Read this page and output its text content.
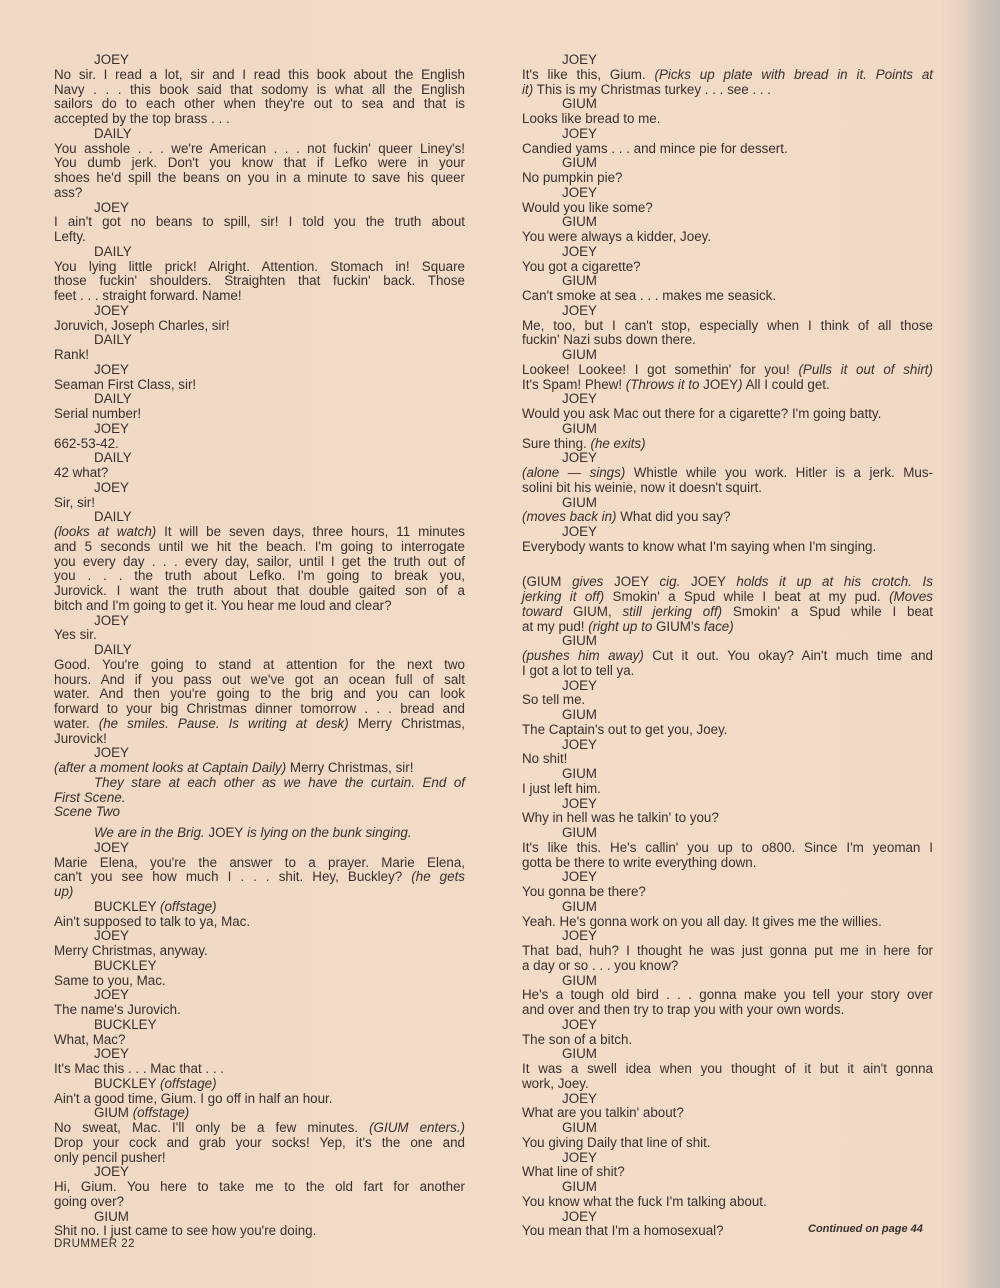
JOEY
No sir. I read a lot, sir and I read this book about the English
Navy . . . this book said that sodomy is what all the English
sailors do to each other when they're out to sea and that is
accepted by the top brass . . .
DAILY
You asshole . . . we're American . . . not fuckin' queer Liney's!
You dumb jerk. Don't you know that if Lefko were in your
shoes he'd spill the beans on you in a minute to save his queer
ass?
JOEY
I ain't got no beans to spill, sir! I told you the truth about
Lefty.
DAILY
You lying little prick! Alright. Attention. Stomach in! Square
those fuckin' shoulders. Straighten that fuckin' back. Those
feet . . . straight forward. Name!
JOEY
Joruvich, Joseph Charles, sir!
DAILY
Rank!
JOEY
Seaman First Class, sir!
DAILY
Serial number!
JOEY
662-53-42.
DAILY
42 what?
JOEY
Sir, sir!
DAILY
(looks at watch) It will be seven days, three hours, 11 minutes
and 5 seconds until we hit the beach. I'm going to interrogate
you every day . . . every day, sailor, until I get the truth out of
you . . . the truth about Lefko. I'm going to break you,
Jurovick. I want the truth about that double gaited son of a
bitch and I'm going to get it. You hear me loud and clear?
JOEY
Yes sir.
DAILY
Good. You're going to stand at attention for the next two
hours. And if you pass out we've got an ocean full of salt
water. And then you're going to the brig and you can look
forward to your big Christmas dinner tomorrow . . . bread and
water. (he smiles. Pause. Is writing at desk) Merry Christmas,
Jurovick!
JOEY
(after a moment looks at Captain Daily) Merry Christmas, sir!
They stare at each other as we have the curtain. End of
First Scene.
Scene Two
We are in the Brig. JOEY is lying on the bunk singing.
JOEY
Marie Elena, you're the answer to a prayer. Marie Elena,
can't you see how much I . . . shit. Hey, Buckley? (he gets
up)
BUCKLEY (offstage)
Ain't supposed to talk to ya, Mac.
JOEY
Merry Christmas, anyway.
BUCKLEY
Same to you, Mac.
JOEY
The name's Jurovich.
BUCKLEY
What, Mac?
JOEY
It's Mac this . . . Mac that . . .
BUCKLEY (offstage)
Ain't a good time, Gium. I go off in half an hour.
GIUM (offstage)
No sweat, Mac. I'll only be a few minutes. (GIUM enters.)
Drop your cock and grab your socks! Yep, it's the one and
only pencil pusher!
JOEY
Hi, Gium. You here to take me to the old fart for another
going over?
GIUM
Shit no. I just came to see how you're doing.
JOEY
It's like this, Gium. (Picks up plate with bread in it. Points at
it) This is my Christmas turkey . . . see . . .
GIUM
Looks like bread to me.
JOEY
Candied yams . . . and mince pie for dessert.
GIUM
No pumpkin pie?
JOEY
Would you like some?
GIUM
You were always a kidder, Joey.
JOEY
You got a cigarette?
GIUM
Can't smoke at sea . . . makes me seasick.
JOEY
Me, too, but I can't stop, especially when I think of all those
fuckin' Nazi subs down there.
GIUM
Lookee! Lookee! I got somethin' for you! (Pulls it out of shirt)
It's Spam! Phew! (Throws it to JOEY) All I could get.
JOEY
Would you ask Mac out there for a cigarette? I'm going batty.
GIUM
Sure thing. (he exits)
JOEY
(alone — sings) Whistle while you work. Hitler is a jerk. Mus-
solini bit his weinie, now it doesn't squirt.
GIUM
(moves back in) What did you say?
JOEY
Everybody wants to know what I'm saying when I'm singing.
(GIUM gives JOEY cig. JOEY holds it up at his crotch. Is
jerking it off) Smokin' a Spud while I beat at my pud. (Moves
toward GIUM, still jerking off) Smokin' a Spud while I beat
at my pud! (right up to GIUM's face)
GIUM
(pushes him away) Cut it out. You okay? Ain't much time and
I got a lot to tell ya.
JOEY
So tell me.
GIUM
The Captain's out to get you, Joey.
JOEY
No shit!
GIUM
I just left him.
JOEY
Why in hell was he talkin' to you?
GIUM
It's like this. He's callin' you up to o800. Since I'm yeoman I
gotta be there to write everything down.
JOEY
You gonna be there?
GIUM
Yeah. He's gonna work on you all day. It gives me the willies.
JOEY
That bad, huh? I thought he was just gonna put me in here for
a day or so . . . you know?
GIUM
He's a tough old bird . . . gonna make you tell your story over
and over and then try to trap you with your own words.
JOEY
The son of a bitch.
GIUM
It was a swell idea when you thought of it but it ain't gonna
work, Joey.
JOEY
What are you talkin' about?
GIUM
You giving Daily that line of shit.
JOEY
What line of shit?
GIUM
You know what the fuck I'm talking about.
JOEY
You mean that I'm a homosexual?
DRUMMER 22
Continued on page 44
